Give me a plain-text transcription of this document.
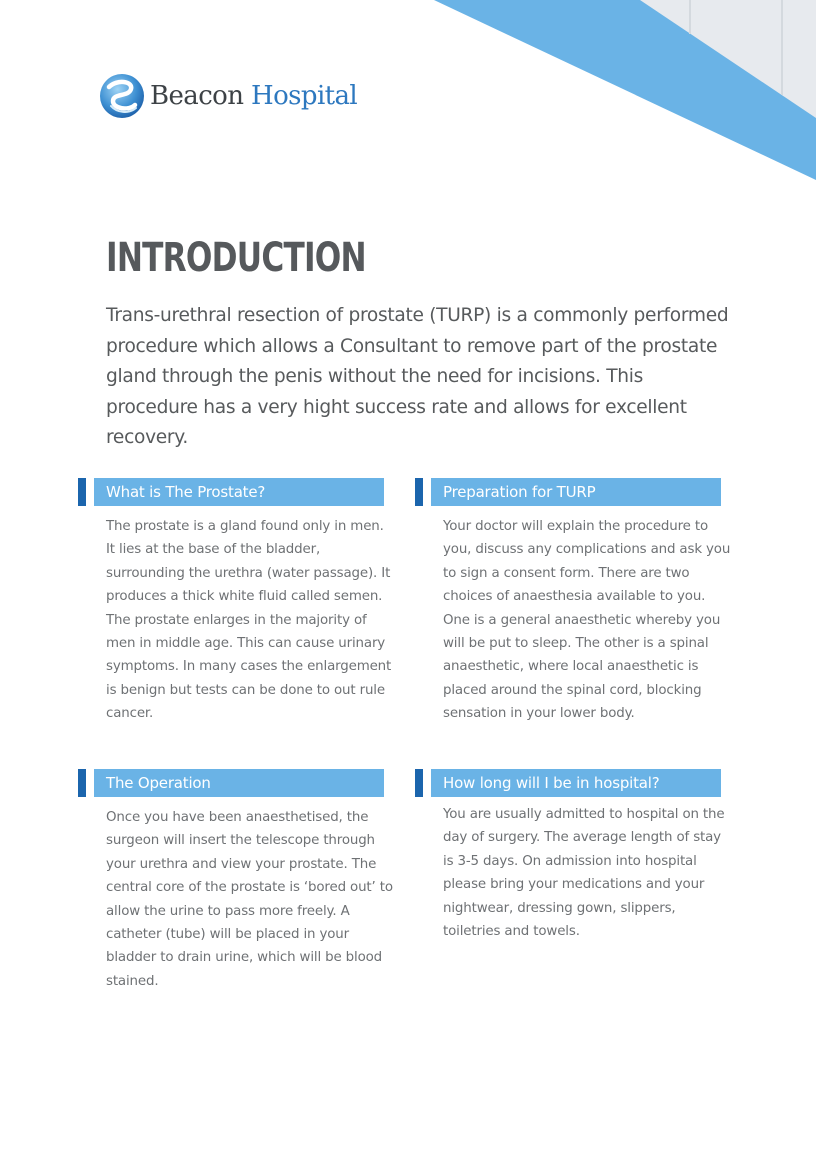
Beacon Hospital
INTRODUCTION

Trans-urethral resection of prostate (TURP) is a commonly performed procedure which allows a Consultant to remove part of the prostate gland through the penis without the need for incisions. This procedure has a very hight success rate and allows for excellent recovery.

What is The Prostate?

The prostate is a gland found only in men. It lies at the base of the bladder, surrounding the urethra (water passage). It produces a thick white fluid called semen. The prostate enlarges in the majority of men in middle age. This can cause urinary symptoms. In many cases the enlargement is benign but tests can be done to out rule cancer.

Preparation for TURP

Your doctor will explain the procedure to you, discuss any complications and ask you to sign a consent form. There are two choices of anaesthesia available to you. One is a general anaesthetic whereby you will be put to sleep. The other is a spinal anaesthetic, where local anaesthetic is placed around the spinal cord, blocking sensation in your lower body.

The Operation

Once you have been anaesthetised, the surgeon will insert the telescope through your urethra and view your prostate. The central core of the prostate is ‘bored out’ to allow the urine to pass more freely. A catheter (tube) will be placed in your bladder to drain urine, which will be blood stained.

How long will I be in hospital?

You are usually admitted to hospital on the day of surgery. The average length of stay is 3-5 days. On admission into hospital please bring your medications and your nightwear, dressing gown, slippers, toiletries and towels.
